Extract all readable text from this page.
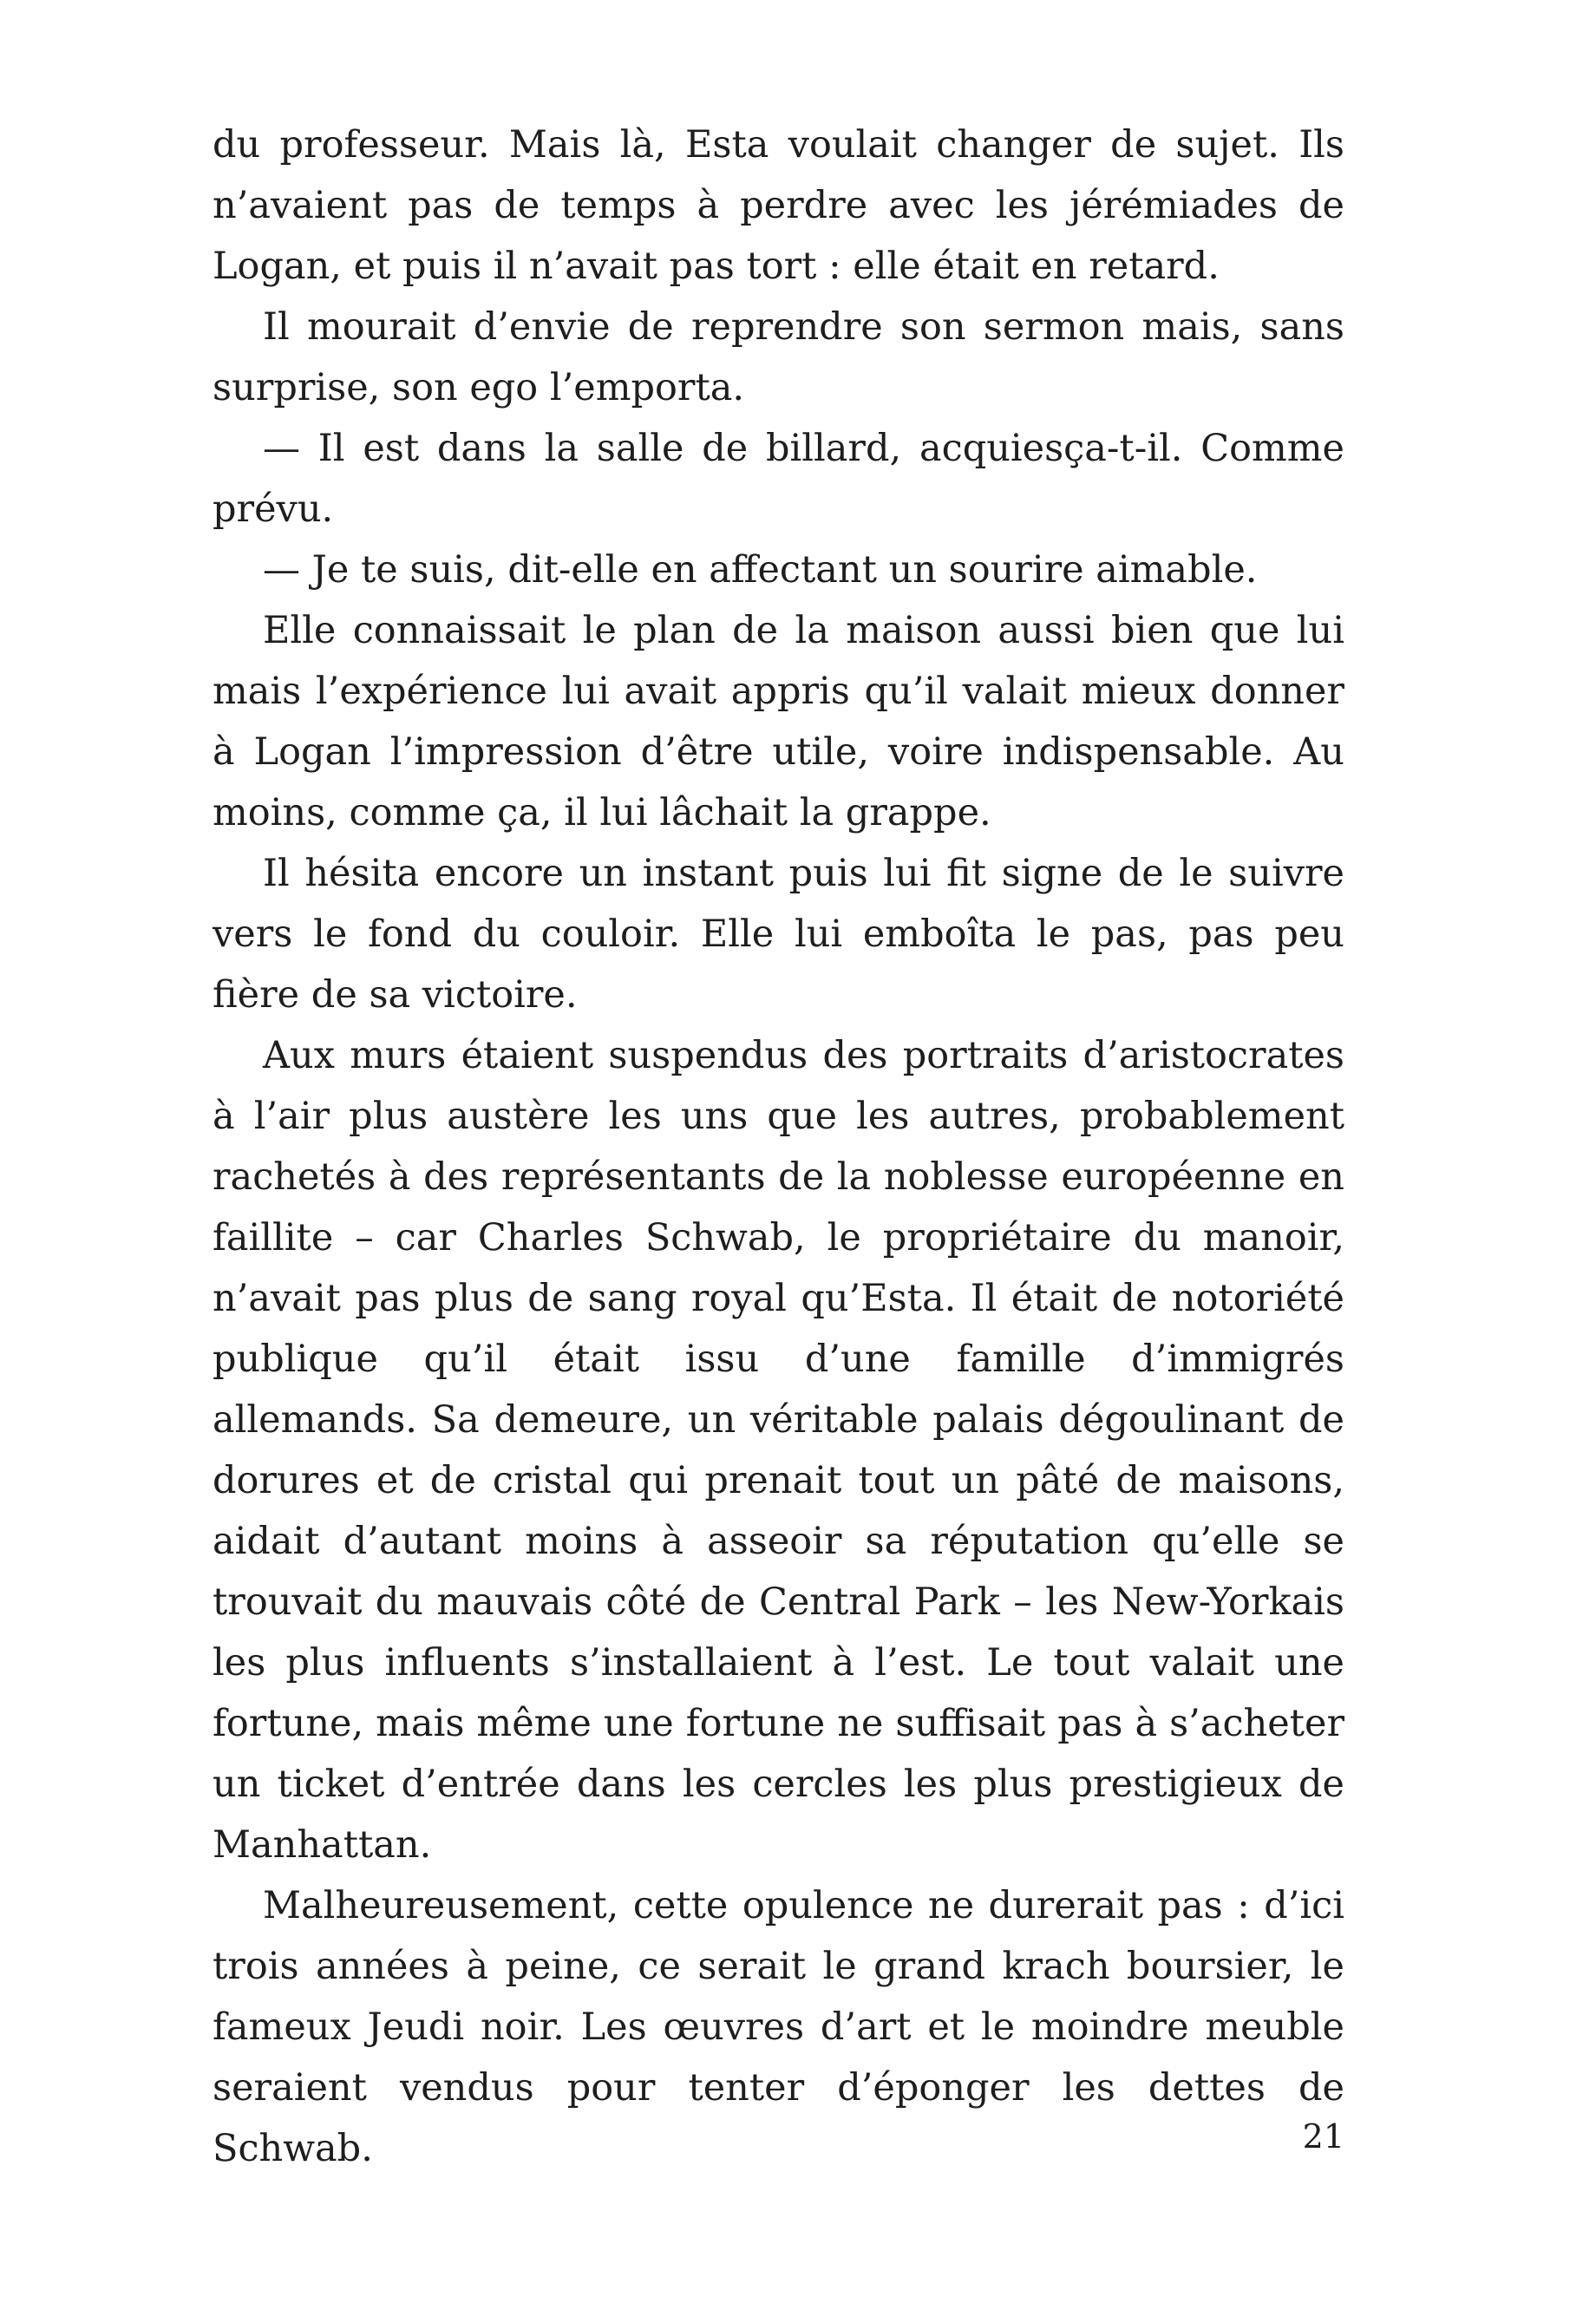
du professeur. Mais là, Esta voulait changer de sujet. Ils n’avaient pas de temps à perdre avec les jérémiades de Logan, et puis il n’avait pas tort : elle était en retard.

Il mourait d’envie de reprendre son sermon mais, sans surprise, son ego l’emporta.

— Il est dans la salle de billard, acquiesça-t-il. Comme prévu.

— Je te suis, dit-elle en affectant un sourire aimable.

Elle connaissait le plan de la maison aussi bien que lui mais l’expérience lui avait appris qu’il valait mieux donner à Logan l’impression d’être utile, voire indispensable. Au moins, comme ça, il lui lâchait la grappe.

Il hésita encore un instant puis lui fit signe de le suivre vers le fond du couloir. Elle lui emboîta le pas, pas peu fière de sa victoire.

Aux murs étaient suspendus des portraits d’aristocrates à l’air plus austère les uns que les autres, probablement rachetés à des représentants de la noblesse européenne en faillite – car Charles Schwab, le propriétaire du manoir, n’avait pas plus de sang royal qu’Esta. Il était de notoriété publique qu’il était issu d’une famille d’immigrés allemands. Sa demeure, un véritable palais dégoulinant de dorures et de cristal qui prenait tout un pâté de maisons, aidait d’autant moins à asseoir sa réputation qu’elle se trouvait du mauvais côté de Central Park – les New-Yorkais les plus influents s’installaient à l’est. Le tout valait une fortune, mais même une fortune ne suffisait pas à s’acheter un ticket d’entrée dans les cercles les plus prestigieux de Manhattan.

Malheureusement, cette opulence ne durerait pas : d’ici trois années à peine, ce serait le grand krach boursier, le fameux Jeudi noir. Les œuvres d’art et le moindre meuble seraient vendus pour tenter d’éponger les dettes de Schwab.	21
